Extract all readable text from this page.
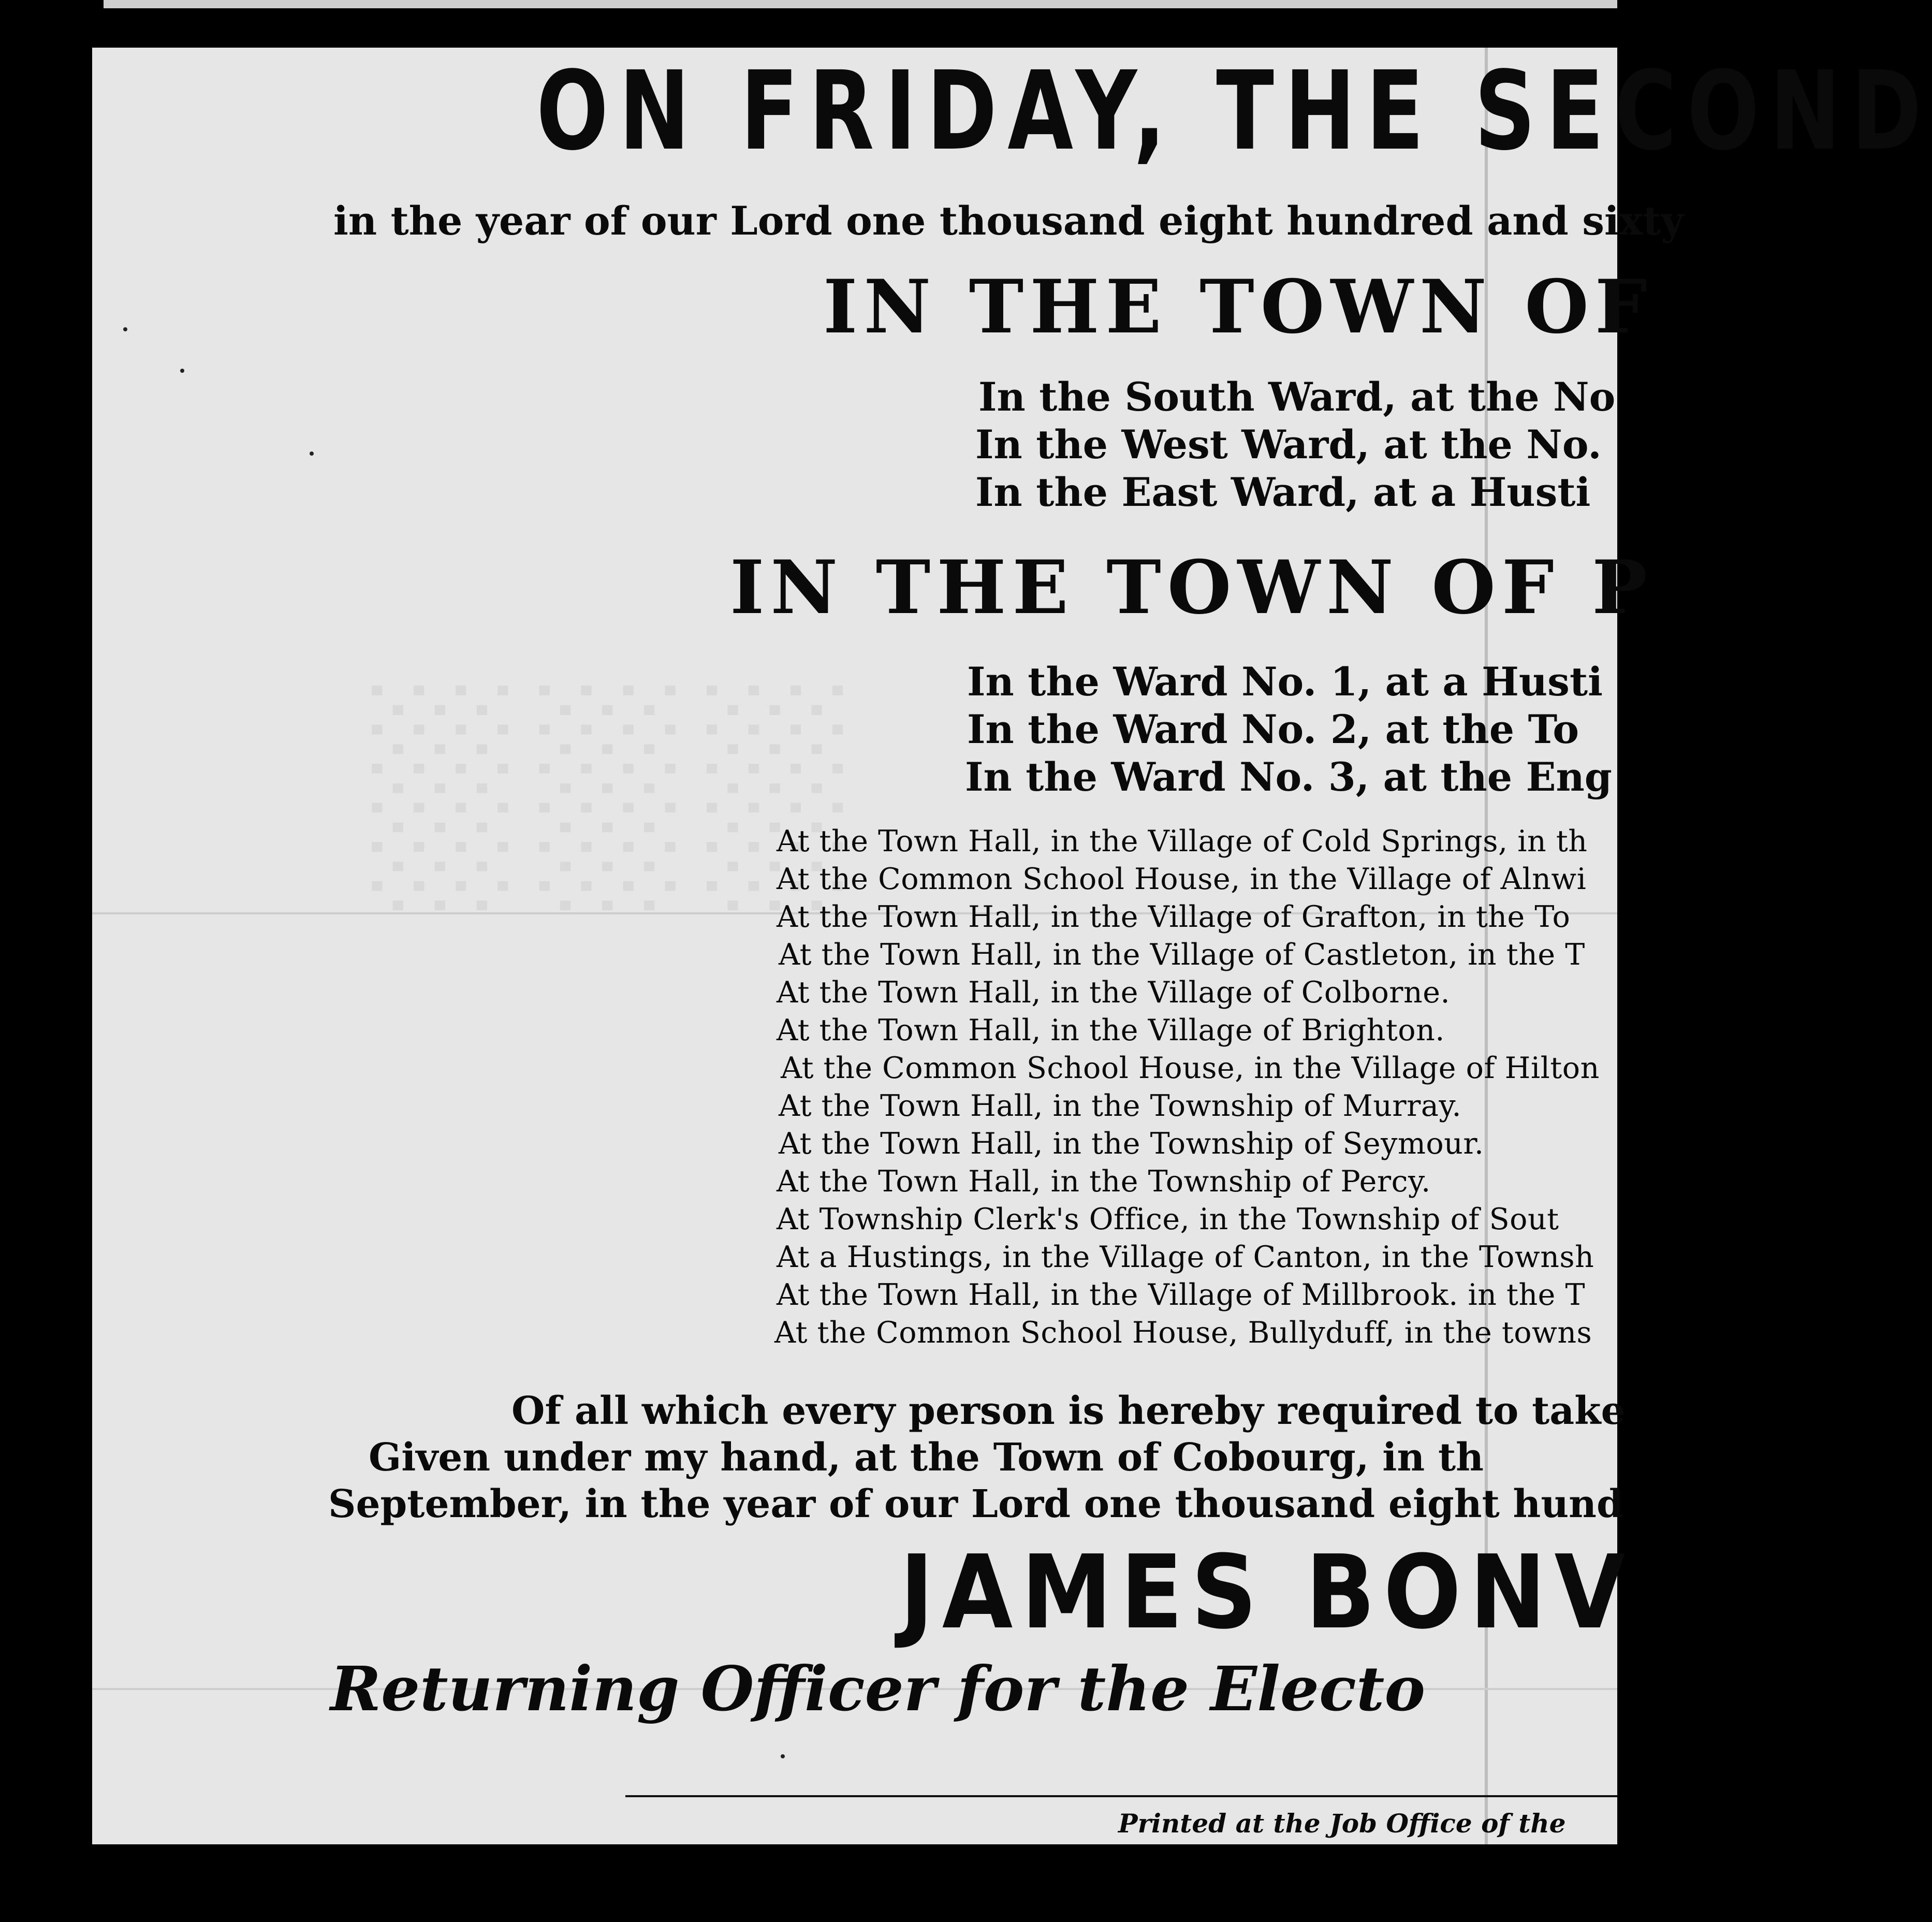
░░░

ON FRIDAY, THE SECOND

in the year of our Lord one thousand eight hundred and sixty

IN THE TOWN OF

In the South Ward, at the No

In the West Ward, at the No.

In the East Ward, at a Husti

IN THE TOWN OF P

In the Ward No. 1, at a Husti

In the Ward No. 2, at the To

In the Ward No. 3, at the Eng

At the Town Hall, in the Village of Cold Springs, in th

At the Common School House, in the Village of Alnwi

At the Town Hall, in the Village of Grafton, in the To

At the Town Hall, in the Village of Castleton, in the T

At the Town Hall, in the Village of Colborne.

At the Town Hall, in the Village of Brighton.

At the Common School House, in the Village of Hilton

At the Town Hall, in the Township of Murray.

At the Town Hall, in the Township of Seymour.

At the Town Hall, in the Township of Percy.

At Township Clerk's Office, in the Township of Sout

At a Hustings, in the Village of Canton, in the Townsh

At the Town Hall, in the Village of Millbrook. in the T

At the Common School House, Bullyduff, in the towns

Of all which every person is hereby required to take

Given under my hand, at the Town of Cobourg, in th

September, in the year of our Lord one thousand eight hund

JAMES BONV

Returning Officer for the Electo

Printed at the Job Office of the
